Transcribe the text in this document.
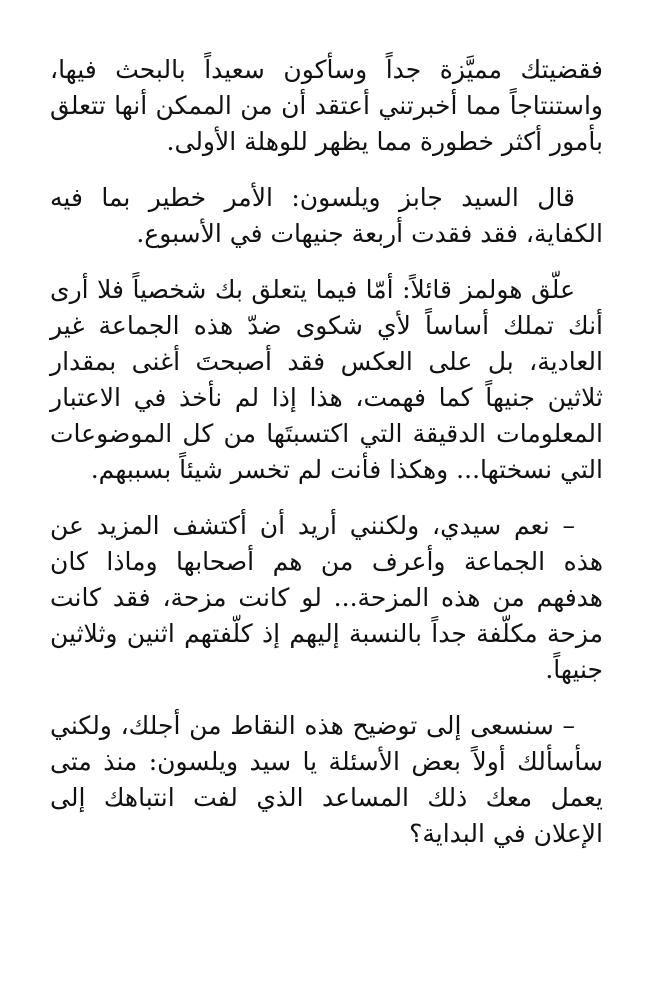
فقضيتك مميَّزة جداً وسأكون سعيداً بالبحث فيها، واستنتاجاً مما أخبرتني أعتقد أن من الممكن أنها تتعلق بأمور أكثر خطورة مما يظهر للوهلة الأولى.

قال السيد جابز ويلسون: الأمر خطير بما فيه الكفاية، فقد فقدت أربعة جنيهات في الأسبوع.

علّق هولمز قائلاً: أمّا فيما يتعلق بك شخصياً فلا أرى أنك تملك أساساً لأي شكوى ضدّ هذه الجماعة غير العادية، بل على العكس فقد أصبحتَ أغنى بمقدار ثلاثين جنيهاً كما فهمت، هذا إذا لم نأخذ في الاعتبار المعلومات الدقيقة التي اكتسبتَها من كل الموضوعات التي نسختها... وهكذا فأنت لم تخسر شيئاً بسببهم.

– نعم سيدي، ولكنني أريد أن أكتشف المزيد عن هذه الجماعة وأعرف من هم أصحابها وماذا كان هدفهم من هذه المزحة... لو كانت مزحة، فقد كانت مزحة مكلّفة جداً بالنسبة إليهم إذ كلّفتهم اثنين وثلاثين جنيهاً.

– سنسعى إلى توضيح هذه النقاط من أجلك، ولكني سأسألك أولاً بعض الأسئلة يا سيد ويلسون: منذ متى يعمل معك ذلك المساعد الذي لفت انتباهك إلى الإعلان في البداية؟
